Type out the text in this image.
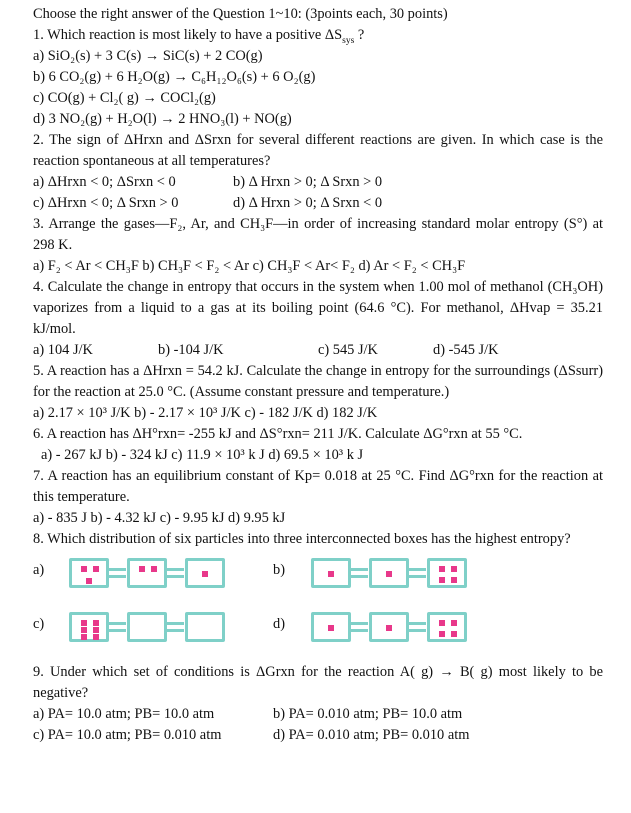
Choose the right answer of the Question 1~10: (3points each, 30 points)
1. Which reaction is most likely to have a positive $\Delta S_{sys}$ ?
a) SiO₂(s) + 3 C(s) → SiC(s) + 2 CO(g)
b) 6 CO₂(g) + 6 H₂O(g) → C₆H₁₂O₆(s) + 6 O₂(g)
c) CO(g) + Cl₂( g) → COCl₂(g)
d) 3 NO₂(g) + H₂O(l) → 2 HNO₃(l) + NO(g)
2. The sign of ΔHrxn and ΔSrxn for several different reactions are given. In which case is the reaction spontaneous at all temperatures?
a) ΔHrxn < 0; ΔSrxn < 0	b) Δ Hrxn > 0; Δ Srxn > 0
c) ΔHrxn < 0; Δ Srxn > 0	d) Δ Hrxn > 0; Δ Srxn < 0
3. Arrange the gases—F₂, Ar, and CH₃F—in order of increasing standard molar entropy (S°) at 298 K.
a) F₂ < Ar < CH₃F b) CH₃F < F₂ < Ar c) CH₃F < Ar< F₂ d) Ar < F₂ < CH₃F
4. Calculate the change in entropy that occurs in the system when 1.00 mol of methanol (CH₃OH) vaporizes from a liquid to a gas at its boiling point (64.6 °C). For methanol, ΔHvap = 35.21 kJ/mol.
a) 104 J/K	b) -104 J/K	c) 545 J/K	d) -545 J/K
5. A reaction has a ΔHrxn = 54.2 kJ. Calculate the change in entropy for the surroundings (ΔSsurr) for the reaction at 25.0 °C. (Assume constant pressure and temperature.)
a) 2.17 × 10³ J/K b) - 2.17 × 10³ J/K c) - 182 J/K d) 182 J/K
6. A reaction has ΔH°rxn= -255 kJ and ΔS°rxn= 211 J/K. Calculate ΔG°rxn at 55 °C.
a) - 267 kJ b) - 324 kJ c) 11.9 × 10³ k J d) 69.5 × 10³ k J
7. A reaction has an equilibrium constant of Kp= 0.018 at 25 °C. Find ΔG°rxn for the reaction at this temperature.
a) - 835 J b) - 4.32 kJ c) - 9.95 kJ d) 9.95 kJ
8. Which distribution of six particles into three interconnected boxes has the highest entropy?
a)	b)
c)	d)
9. Under which set of conditions is ΔGrxn for the reaction A( g) → B( g) most likely to be negative?
a) PA= 10.0 atm; PB= 10.0 atm	b) PA= 0.010 atm; PB= 10.0 atm
c) PA= 10.0 atm; PB= 0.010 atm	d) PA= 0.010 atm; PB= 0.010 atm
